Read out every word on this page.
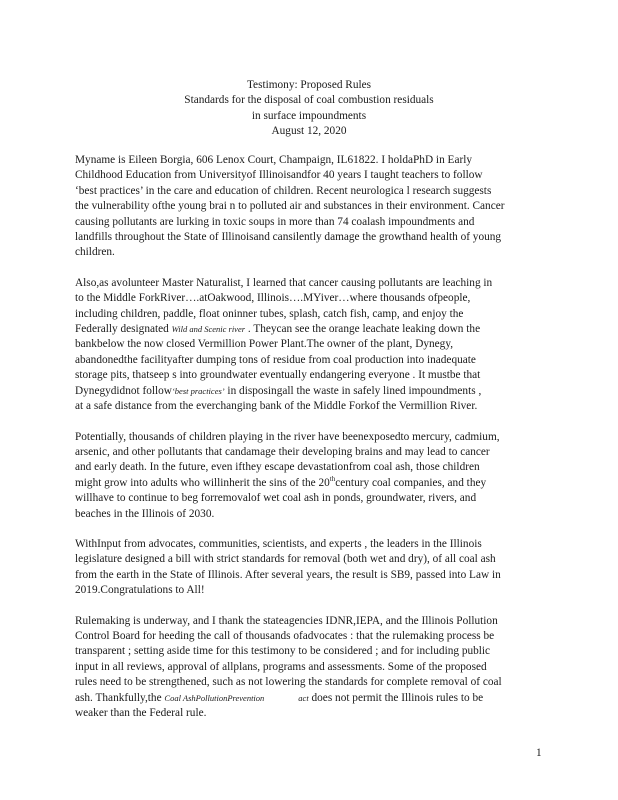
Testimony: Proposed Rules
Standards for the disposal of coal combustion residuals
in surface impoundments
August 12, 2020
Myname is Eileen Borgia, 606 Lenox Court, Champaign, IL61822. I holdaPhD in Early
Childhood Education from Universityof Illinoisandfor 40 years I taught teachers to follow
‘best practices’ in the care and education of children. Recent neurologica l research suggests
the vulnerability ofthe young brai n to polluted air and substances in their environment. Cancer
causing pollutants are lurking in toxic soups in more than 74 coalash impoundments and
landfills throughout the State of Illinoisand cansilently damage the growthand health of young
children.
Also,as avolunteer Master Naturalist, I learned that cancer causing pollutants are leaching in
to the Middle ForkRiver….atOakwood, Illinois….MYiver…where thousands ofpeople,
including children, paddle, float oninner tubes, splash, catch fish, camp, and enjoy the
Federally designated Wild and Scenic river . Theycan see the orange leachate leaking down the
bankbelow the now closed Vermillion Power Plant.The owner of the plant, Dynegy,
abandonedthe facilityafter dumping tons of residue from coal production into inadequate
storage pits, thatseep s into groundwater eventually endangering everyone . It mustbe that
Dynegydidnot follow‘best practices’ in disposingall the waste in safely lined impoundments ,
at a safe distance from the everchanging bank of the Middle Forkof the Vermillion River.
Potentially, thousands of children playing in the river have beenexposedto mercury, cadmium,
arsenic, and other pollutants that candamage their developing brains and may lead to cancer
and early death. In the future, even ifthey escape devastationfrom coal ash, those children
might grow into adults who willinherit the sins of the 20thcentury coal companies, and they
willhave to continue to beg forremovalof wet coal ash in ponds, groundwater, rivers, and
beaches in the Illinois of 2030.
WithInput from advocates, communities, scientists, and experts , the leaders in the Illinois
legislature designed a bill with strict standards for removal (both wet and dry), of all coal ash
from the earth in the State of Illinois. After several years, the result is SB9, passed into Law in
2019.Congratulations to All!
Rulemaking is underway, and I thank the stateagencies IDNR,IEPA, and the Illinois Pollution
Control Board for heeding the call of thousands ofadvocates : that the rulemaking process be
transparent ; setting aside time for this testimony to be considered ; and for including public
input in all reviews, approval of allplans, programs and assessments. Some of the proposed
rules need to be strengthened, such as not lowering the standards for complete removal of coal
ash. Thankfully,the Coal AshPollutionPrevention	act does not permit the Illinois rules to be
weaker than the Federal rule.
1
